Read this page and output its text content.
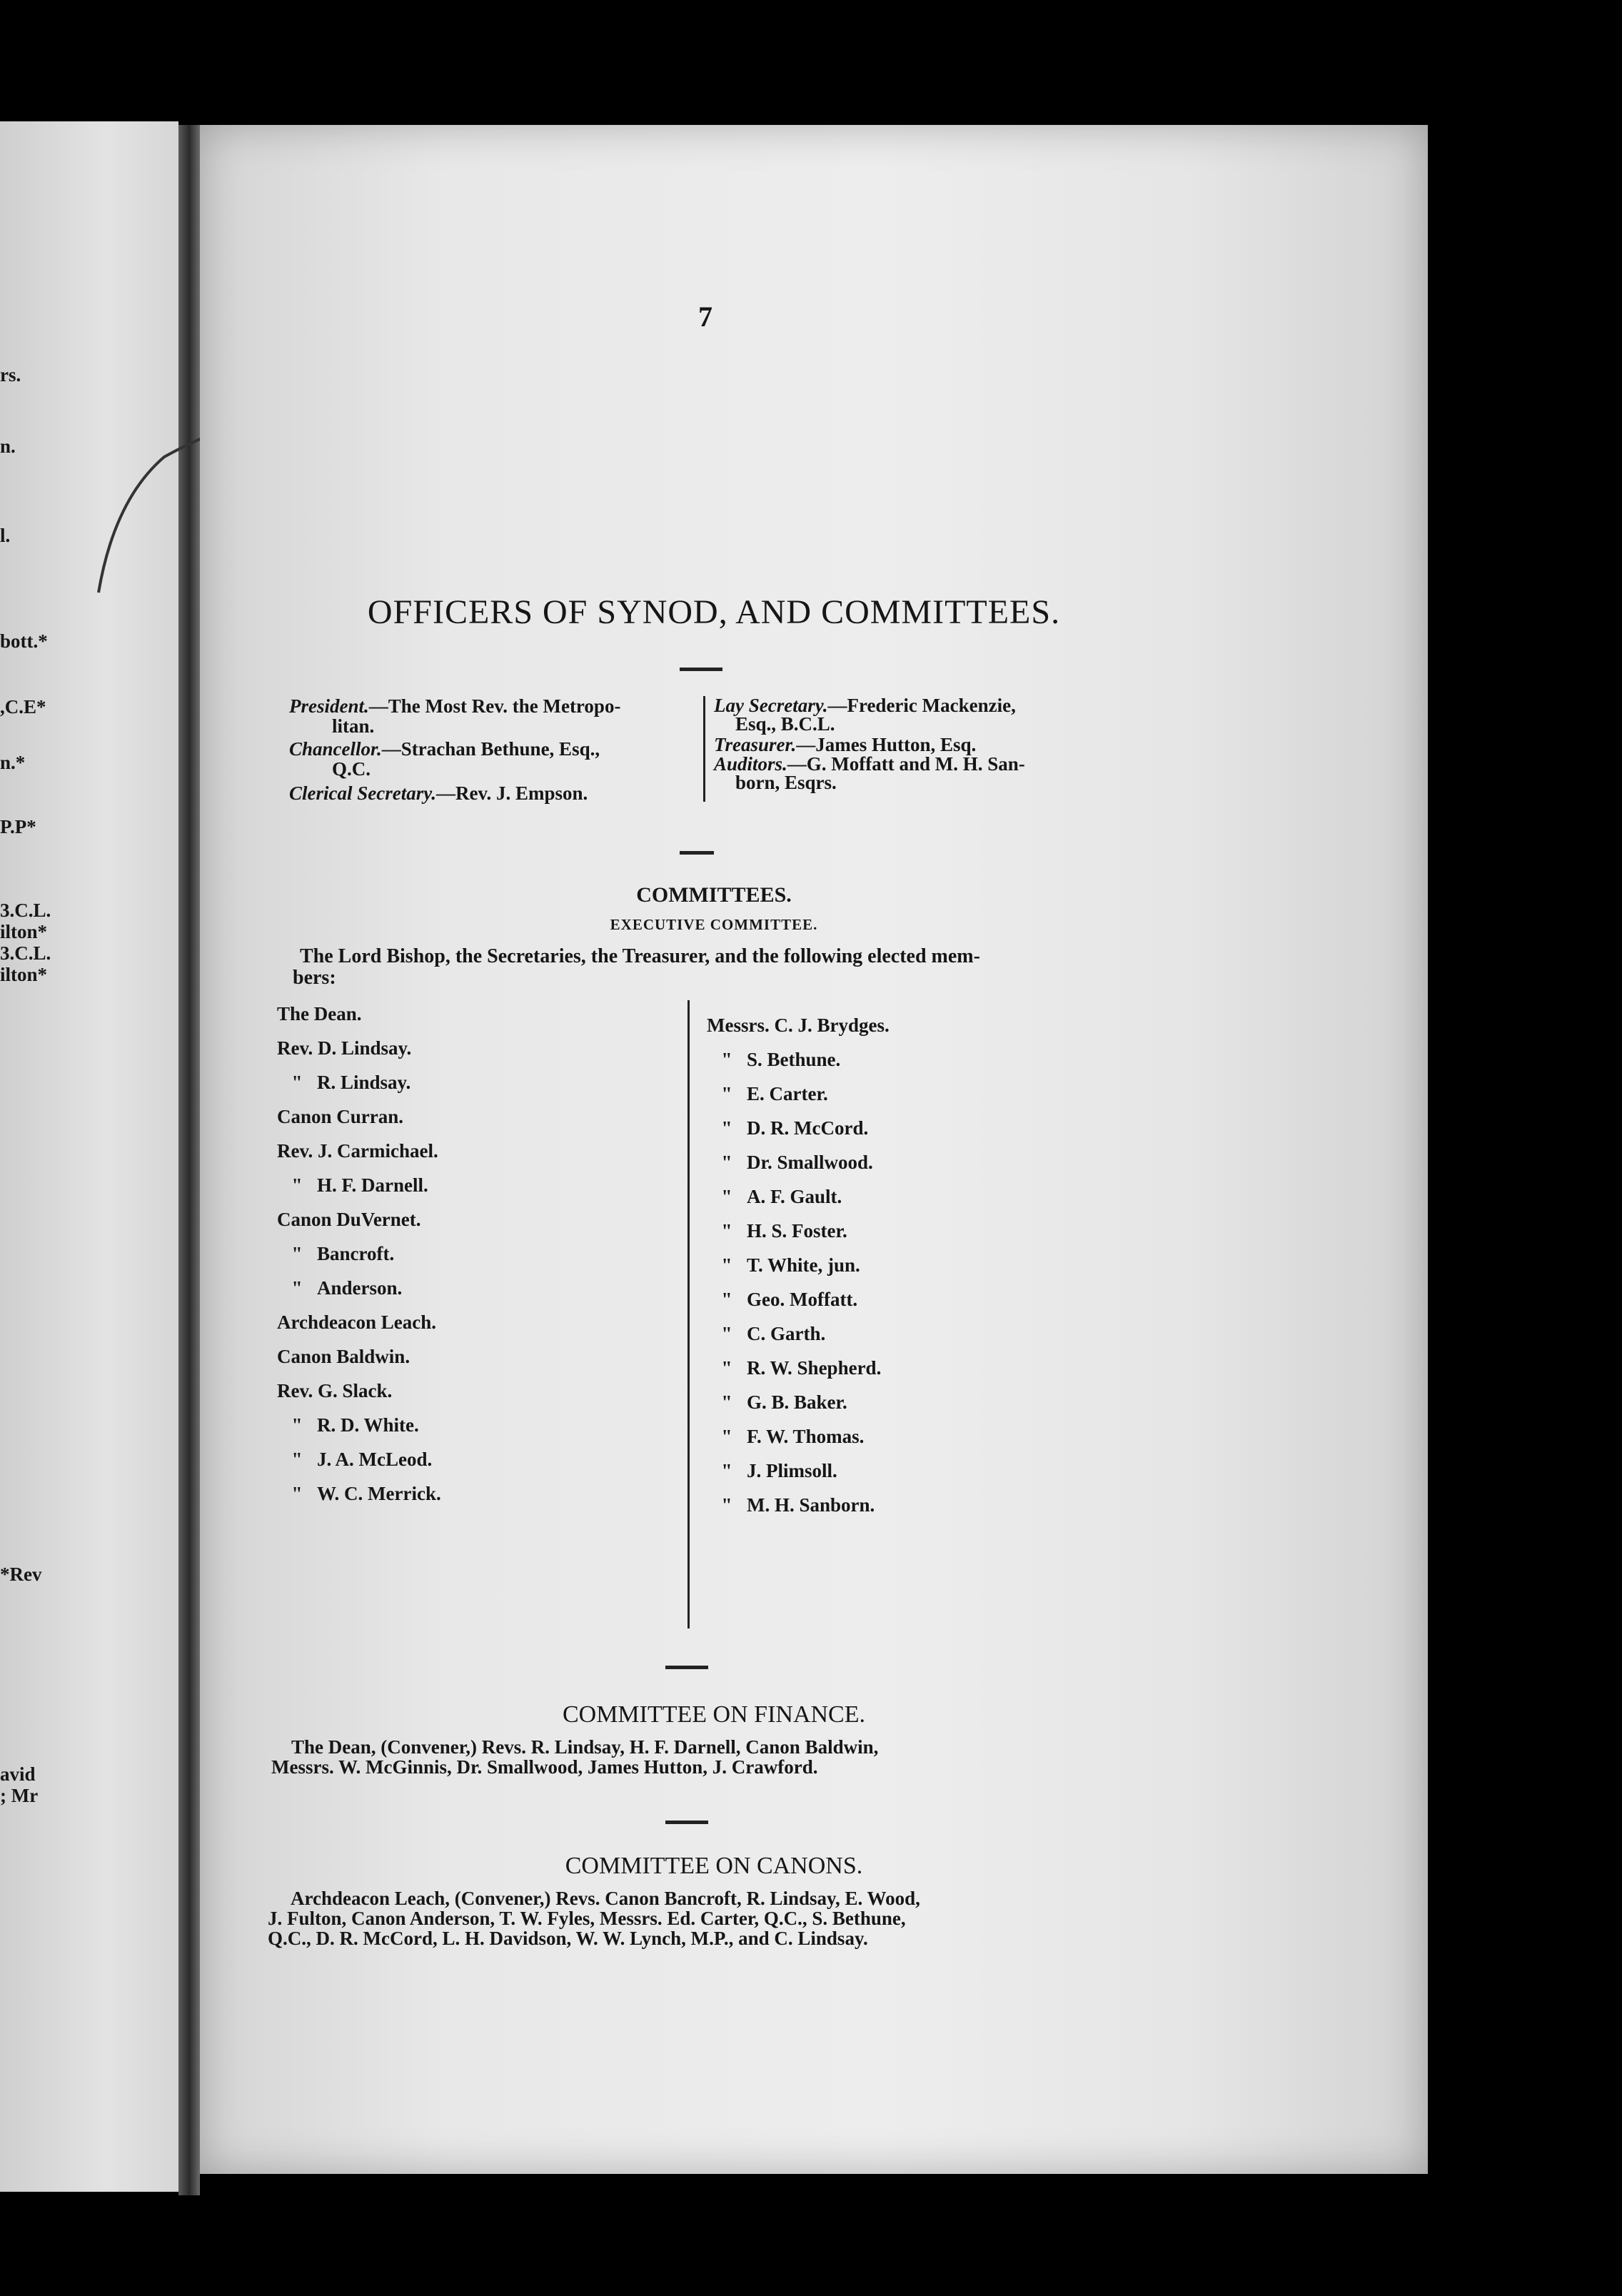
rs.
n.
l.
bott.*
,C.E*
n.*
P.P*
3.C.L.
ilton*
3.C.L.
ilton*
*Rev
avid
; Mr
7
OFFICERS OF SYNOD, AND COMMITTEES.
President.—The Most Rev. the Metropo-
litan.
Chancellor.—Strachan Bethune, Esq.,
Q.C.
Clerical Secretary.—Rev. J. Empson.
Lay Secretary.—Frederic Mackenzie,
Esq., B.C.L.
Treasurer.—James Hutton, Esq.
Auditors.—G. Moffatt and M. H. San-
born, Esqrs.
COMMITTEES.
EXECUTIVE COMMITTEE.
The Lord Bishop, the Secretaries, the Treasurer, and the following elected mem-
bers:
The Dean.
Rev. D. Lindsay.
" R. Lindsay.
Canon Curran.
Rev. J. Carmichael.
" H. F. Darnell.
Canon DuVernet.
" Bancroft.
" Anderson.
Archdeacon Leach.
Canon Baldwin.
Rev. G. Slack.
" R. D. White.
" J. A. McLeod.
" W. C. Merrick.
Messrs. C. J. Brydges.
" S. Bethune.
" E. Carter.
" D. R. McCord.
" Dr. Smallwood.
" A. F. Gault.
" H. S. Foster.
" T. White, jun.
" Geo. Moffatt.
" C. Garth.
" R. W. Shepherd.
" G. B. Baker.
" F. W. Thomas.
" J. Plimsoll.
" M. H. Sanborn.
COMMITTEE ON FINANCE.
The Dean, (Convener,) Revs. R. Lindsay, H. F. Darnell, Canon Baldwin,
Messrs. W. McGinnis, Dr. Smallwood, James Hutton, J. Crawford.
COMMITTEE ON CANONS.
Archdeacon Leach, (Convener,) Revs. Canon Bancroft, R. Lindsay, E. Wood,
J. Fulton, Canon Anderson, T. W. Fyles, Messrs. Ed. Carter, Q.C., S. Bethune,
Q.C., D. R. McCord, L. H. Davidson, W. W. Lynch, M.P., and C. Lindsay.
